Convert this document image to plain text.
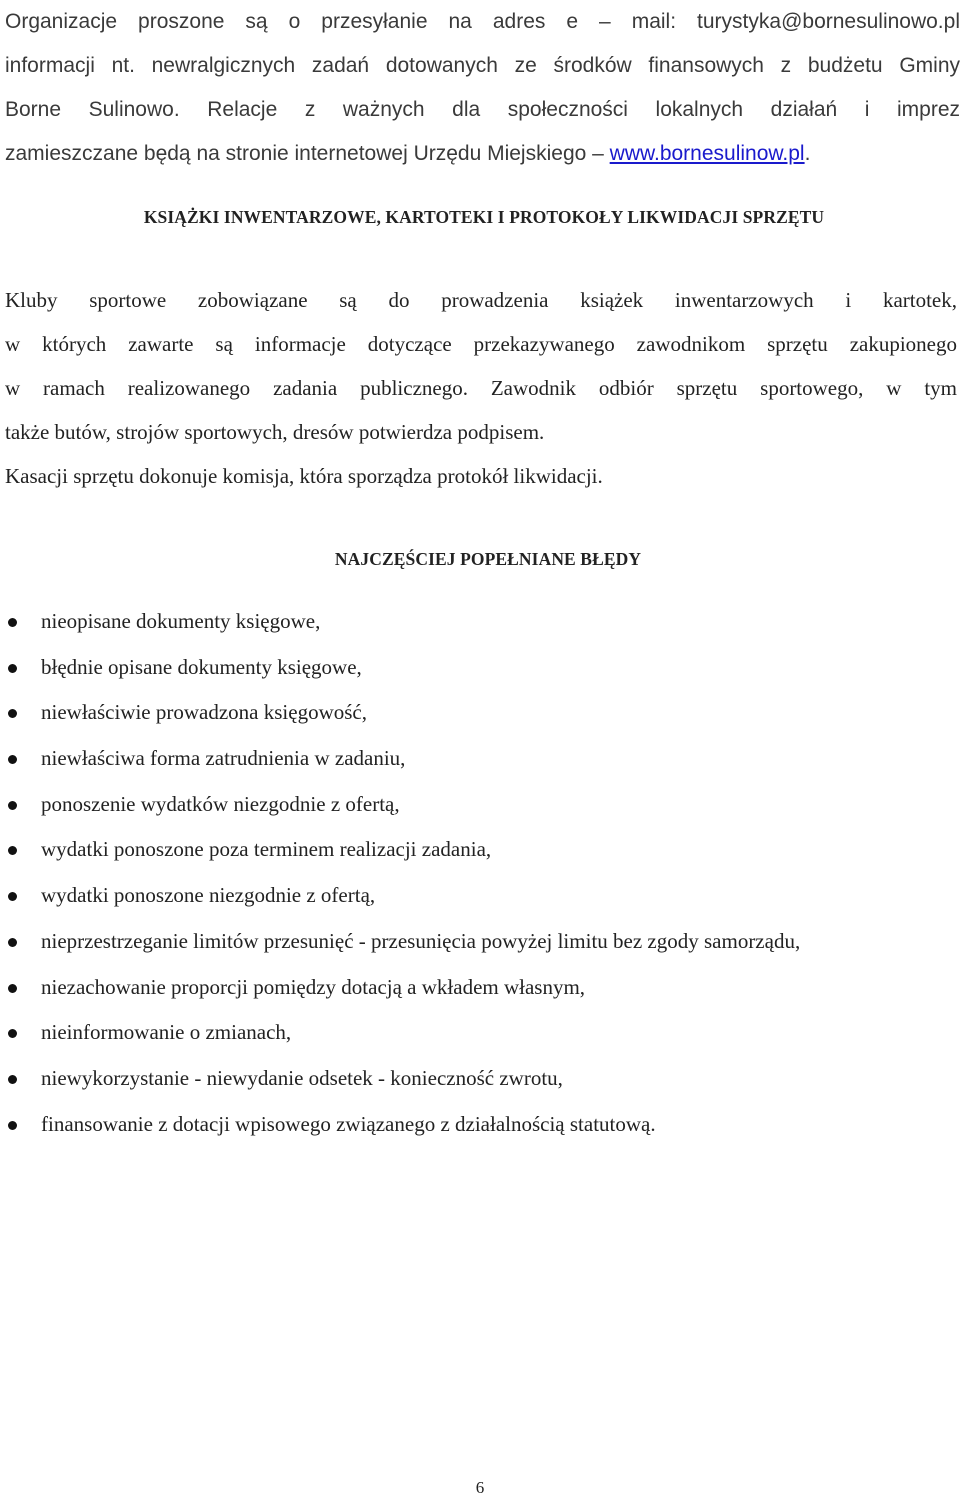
Organizacje proszone są o przesyłanie na adres e – mail: turystyka@bornesulinowo.pl
informacji nt. newralgicznych zadań dotowanych ze środków finansowych z budżetu Gminy
Borne Sulinowo. Relacje z ważnych dla społeczności lokalnych działań i imprez
zamieszczane będą na stronie internetowej Urzędu Miejskiego – www.bornesulinow.pl.
KSIĄŻKI INWENTARZOWE, KARTOTEKI I PROTOKOŁY LIKWIDACJI SPRZĘTU
Kluby sportowe zobowiązane są do prowadzenia książek inwentarzowych i kartotek,
w których zawarte są informacje dotyczące przekazywanego zawodnikom sprzętu zakupionego
w ramach realizowanego zadania publicznego. Zawodnik odbiór sprzętu sportowego, w tym
także butów, strojów sportowych, dresów potwierdza podpisem.
Kasacji sprzętu dokonuje komisja, która sporządza protokół likwidacji.
NAJCZĘŚCIEJ POPEŁNIANE BŁĘDY
nieopisane dokumenty księgowe,
błędnie opisane dokumenty księgowe,
niewłaściwie prowadzona księgowość,
niewłaściwa forma zatrudnienia w zadaniu,
ponoszenie wydatków niezgodnie z ofertą,
wydatki ponoszone poza terminem realizacji zadania,
wydatki ponoszone niezgodnie z ofertą,
nieprzestrzeganie limitów przesunięć - przesunięcia powyżej limitu bez zgody samorządu,
niezachowanie proporcji pomiędzy dotacją a wkładem własnym,
nieinformowanie o zmianach,
niewykorzystanie - niewydanie odsetek - konieczność zwrotu,
finansowanie z dotacji wpisowego związanego z działalnością statutową.
6
